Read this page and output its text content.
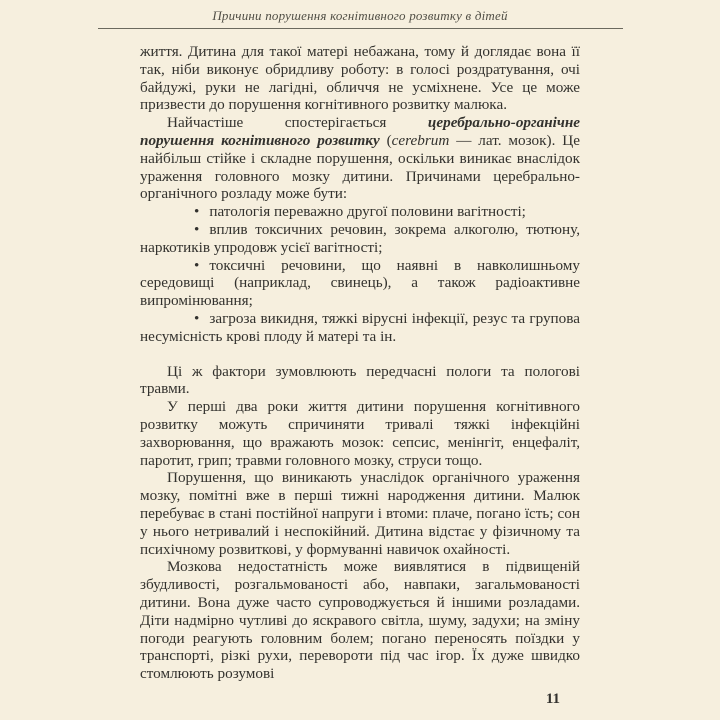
Причини порушення когнітивного розвитку в дітей

життя. Дитина для такої матері небажана, тому й доглядає вона її так, ніби виконує обридливу роботу: в голосі роздратування, очі байдужі, руки не лагідні, обличчя не усміхнене. Усе це може призвести до порушення когнітивного розвитку малюка.

Найчастіше спостерігається церебрально-органічне порушення когнітивного розвитку (cerebrum — лат. мозок). Це найбільш стійке і складне порушення, оскільки виникає внаслідок ураження головного мозку дитини. Причинами церебрально-органічного розладу може бути:

• патологія переважно другої половини вагітності;

• вплив токсичних речовин, зокрема алкоголю, тютюну, наркотиків упродовж усієї вагітності;

• токсичні речовини, що наявні в навколишньому середовищі (наприклад, свинець), а також радіоактивне випромінювання;

• загроза викидня, тяжкі вірусні інфекції, резус та групова несумісність крові плоду й матері та ін.

Ці ж фактори зумовлюють передчасні пологи та пологові травми.

У перші два роки життя дитини порушення когнітивного розвитку можуть спричиняти тривалі тяжкі інфекційні захворювання, що вражають мозок: сепсис, менінгіт, енцефаліт, паротит, грип; травми головного мозку, струси тощо.

Порушення, що виникають унаслідок органічного ураження мозку, помітні вже в перші тижні народження дитини. Малюк перебуває в стані постійної напруги і втоми: плаче, погано їсть; сон у нього нетривалий і неспокійний. Дитина відстає у фізичному та психічному розвиткові, у формуванні навичок охайності.

Мозкова недостатність може виявлятися в підвищеній збудливості, розгальмованості або, навпаки, загальмованості дитини. Вона дуже часто супроводжується й іншими розладами. Діти надмірно чутливі до яскравого світла, шуму, задухи; на зміну погоди реагують головним болем; погано переносять поїздки у транспорті, різкі рухи, перевороти під час ігор. Їх дуже швидко стомлюють розумові

11
